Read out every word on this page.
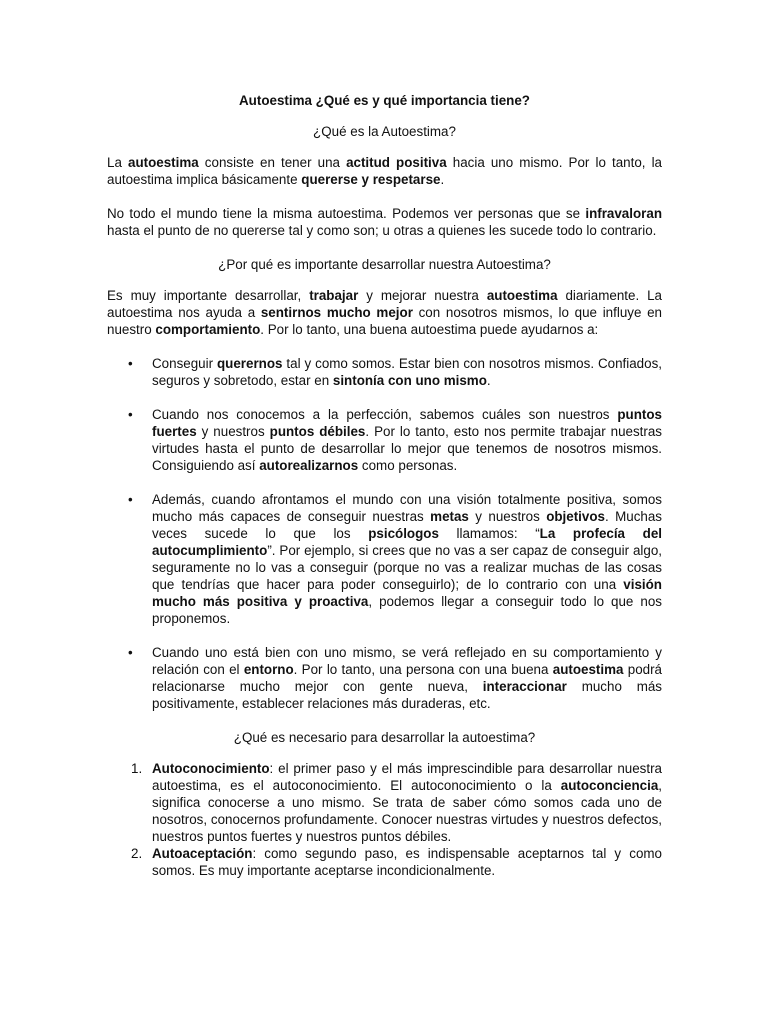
Autoestima ¿Qué es y qué importancia tiene?
¿Qué es la Autoestima?

La autoestima consiste en tener una actitud positiva hacia uno mismo. Por lo tanto, la autoestima implica básicamente quererse y respetarse.

No todo el mundo tiene la misma autoestima. Podemos ver personas que se infravaloran hasta el punto de no quererse tal y como son; u otras a quienes les sucede todo lo contrario.

¿Por qué es importante desarrollar nuestra Autoestima?

Es muy importante desarrollar, trabajar y mejorar nuestra autoestima diariamente. La autoestima nos ayuda a sentirnos mucho mejor con nosotros mismos, lo que influye en nuestro comportamiento. Por lo tanto, una buena autoestima puede ayudarnos a:

• Conseguir querernos tal y como somos. Estar bien con nosotros mismos. Confiados, seguros y sobretodo, estar en sintonía con uno mismo.
• Cuando nos conocemos a la perfección, sabemos cuáles son nuestros puntos fuertes y nuestros puntos débiles. Por lo tanto, esto nos permite trabajar nuestras virtudes hasta el punto de desarrollar lo mejor que tenemos de nosotros mismos. Consiguiendo así autorealizarnos como personas.
• Además, cuando afrontamos el mundo con una visión totalmente positiva, somos mucho más capaces de conseguir nuestras metas y nuestros objetivos. Muchas veces sucede lo que los psicólogos llamamos: “La profecía del autocumplimiento”. Por ejemplo, si crees que no vas a ser capaz de conseguir algo, seguramente no lo vas a conseguir (porque no vas a realizar muchas de las cosas que tendrías que hacer para poder conseguirlo); de lo contrario con una visión mucho más positiva y proactiva, podemos llegar a conseguir todo lo que nos proponemos.
• Cuando uno está bien con uno mismo, se verá reflejado en su comportamiento y relación con el entorno. Por lo tanto, una persona con una buena autoestima podrá relacionarse mucho mejor con gente nueva, interaccionar mucho más positivamente, establecer relaciones más duraderas, etc.
¿Qué es necesario para desarrollar la autoestima?
1. Autoconocimiento: el primer paso y el más imprescindible para desarrollar nuestra autoestima, es el autoconocimiento. El autoconocimiento o la autoconciencia, significa conocerse a uno mismo. Se trata de saber cómo somos cada uno de nosotros, conocernos profundamente. Conocer nuestras virtudes y nuestros defectos, nuestros puntos fuertes y nuestros puntos débiles.
2. Autoaceptación: como segundo paso, es indispensable aceptarnos tal y como somos. Es muy importante aceptarse incondicionalmente.
